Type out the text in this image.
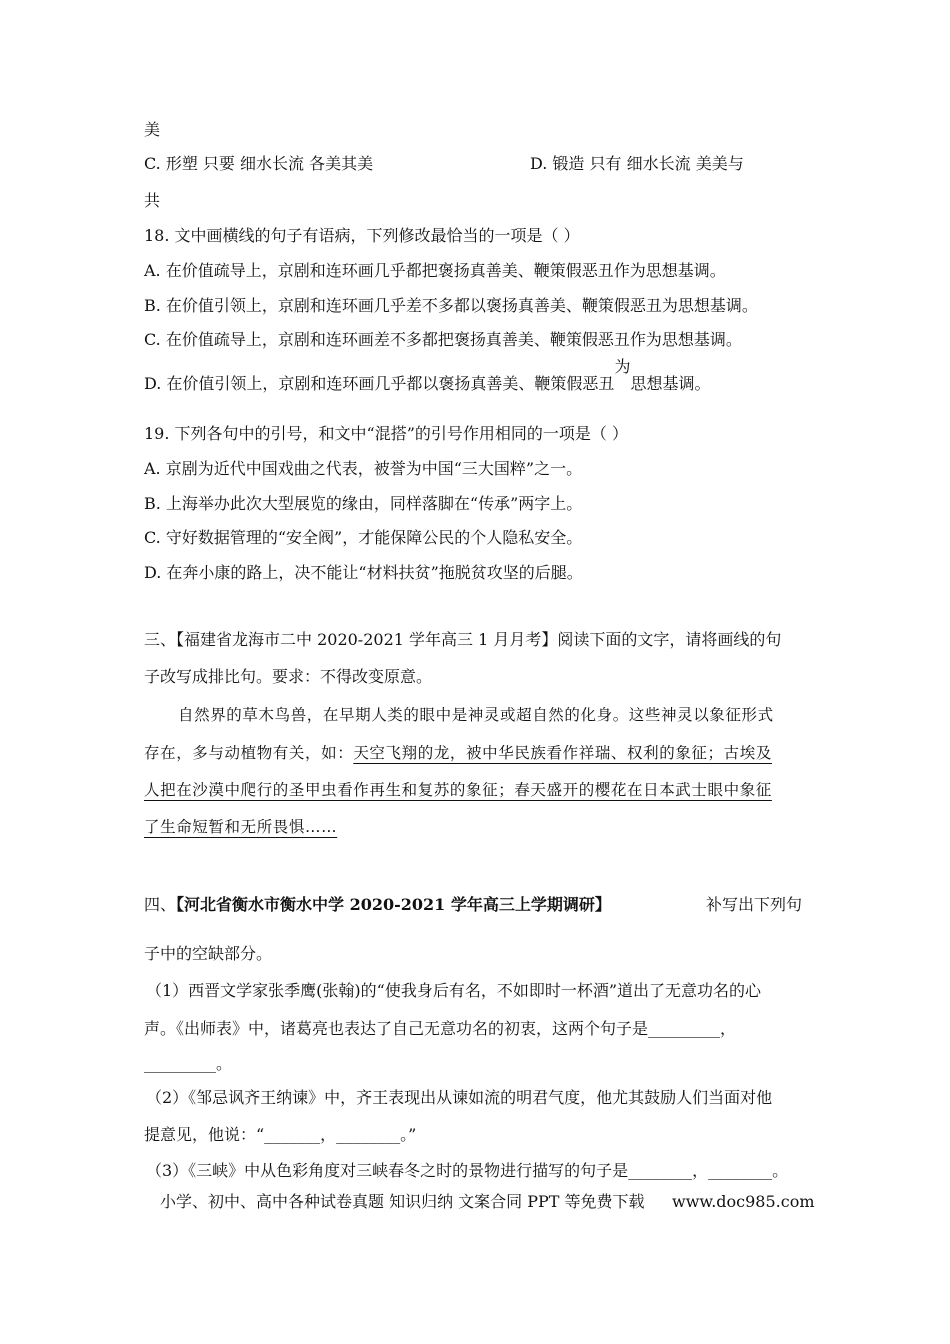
美
C. 形塑 只要 细水长流 各美其美	D. 锻造 只有 细水长流 美美与
共
18. 文中画横线的句子有语病，下列修改最恰当的一项是（ ）
A. 在价值疏导上，京剧和连环画几乎都把褒扬真善美、鞭策假恶丑作为思想基调。
B. 在价值引领上，京剧和连环画几乎差不多都以褒扬真善美、鞭策假恶丑为思想基调。
C. 在价值疏导上，京剧和连环画差不多都把褒扬真善美、鞭策假恶丑作为思想基调。
D. 在价值引领上，京剧和连环画几乎都以褒扬真善美、鞭策假恶丑为思想基调。
19. 下列各句中的引号，和文中“混搭”的引号作用相同的一项是（ ）
A. 京剧为近代中国戏曲之代表，被誉为中国“三大国粹”之一。
B. 上海举办此次大型展览的缘由，同样落脚在“传承”两字上。
C. 守好数据管理的“安全阀”，才能保障公民的个人隐私安全。
D. 在奔小康的路上，决不能让“材料扶贫”拖脱贫攻坚的后腿。
三、【福建省龙海市二中 2020-2021 学年高三 1 月月考】阅读下面的文字，请将画线的句
子改写成排比句。要求：不得改变原意。
自然界的草木鸟兽，在早期人类的眼中是神灵或超自然的化身。这些神灵以象征形式
存在，多与动植物有关，如：天空飞翔的龙，被中华民族看作祥瑞、权利的象征；古埃及
人把在沙漠中爬行的圣甲虫看作再生和复苏的象征；春天盛开的樱花在日本武士眼中象征
了生命短暂和无所畏惧……
四、【河北省衡水市衡水中学 2020-2021 学年高三上学期调研】	补写出下列句
子中的空缺部分。
（1）西晋文学家张季鹰(张翰)的“使我身后有名，不如即时一杯酒”道出了无意功名的心
声。《出师表》中，诸葛亮也表达了自己无意功名的初衷，这两个句子是_________，
_________。
（2）《邹忌讽齐王纳谏》中，齐王表现出从谏如流的明君气度，他尤其鼓励人们当面对他
提意见，他说：“_______，________。”
（3）《三峡》中从色彩角度对三峡春冬之时的景物进行描写的句子是________，________。
小学、初中、高中各种试卷真题 知识归纳 文案合同 PPT 等免费下载 www.doc985.com
